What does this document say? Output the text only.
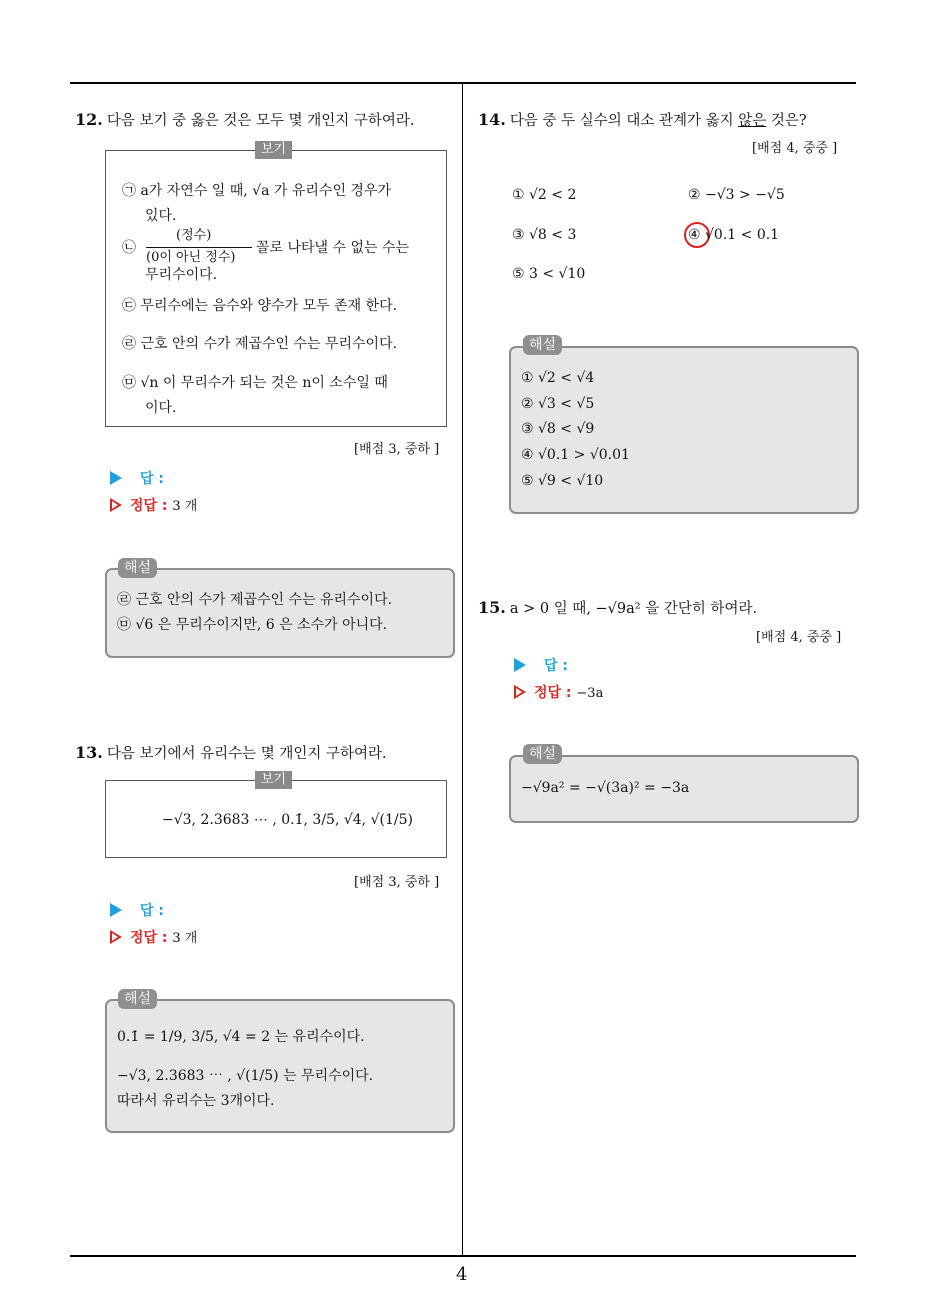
4
12. 다음 보기 중 옳은 것은 모두 몇 개인지 구하여라.
보기
㉠ a가 자연수 일 때, √a 가 유리수인 경우가
있다.
㉡
(정수)
(0이 아닌 정수)
꼴로 나타낼 수 없는 수는
무리수이다.
㉢ 무리수에는 음수와 양수가 모두 존재 한다.
㉣ 근호 안의 수가 제곱수인 수는 무리수이다.
㉤ √n 이 무리수가 되는 것은 n이 소수일 때
이다.
[배점 3, 중하 ]
답 :
정답 : 3 개
해설
㉣ 근호 안의 수가 제곱수인 수는 유리수이다.
㉤ √6 은 무리수이지만, 6 은 소수가 아니다.
13. 다음 보기에서 유리수는 몇 개인지 구하여라.
보기
−√3, 2.3683 ⋯ , 0.1̇, 3/5, √4, √(1/5)
[배점 3, 중하 ]
답 :
정답 : 3 개
해설
0.1̇ = 1/9, 3/5, √4 = 2 는 유리수이다.
−√3, 2.3683 ⋯ , √(1/5) 는 무리수이다.
따라서 유리수는 3개이다.
14. 다음 중 두 실수의 대소 관계가 옳지 않은 것은?
[배점 4, 중중 ]
① √2 < 2	② −√3 > −√5
③ √8 < 3	④ √0.1 < 0.1
⑤ 3 < √10
해설
① √2 < √4
② √3 < √5
③ √8 < √9
④ √0.1 > √0.01
⑤ √9 < √10
15. a > 0 일 때, −√9a² 을 간단히 하여라.
[배점 4, 중중 ]
답 :
정답 : −3a
해설
−√9a² = −√(3a)² = −3a
